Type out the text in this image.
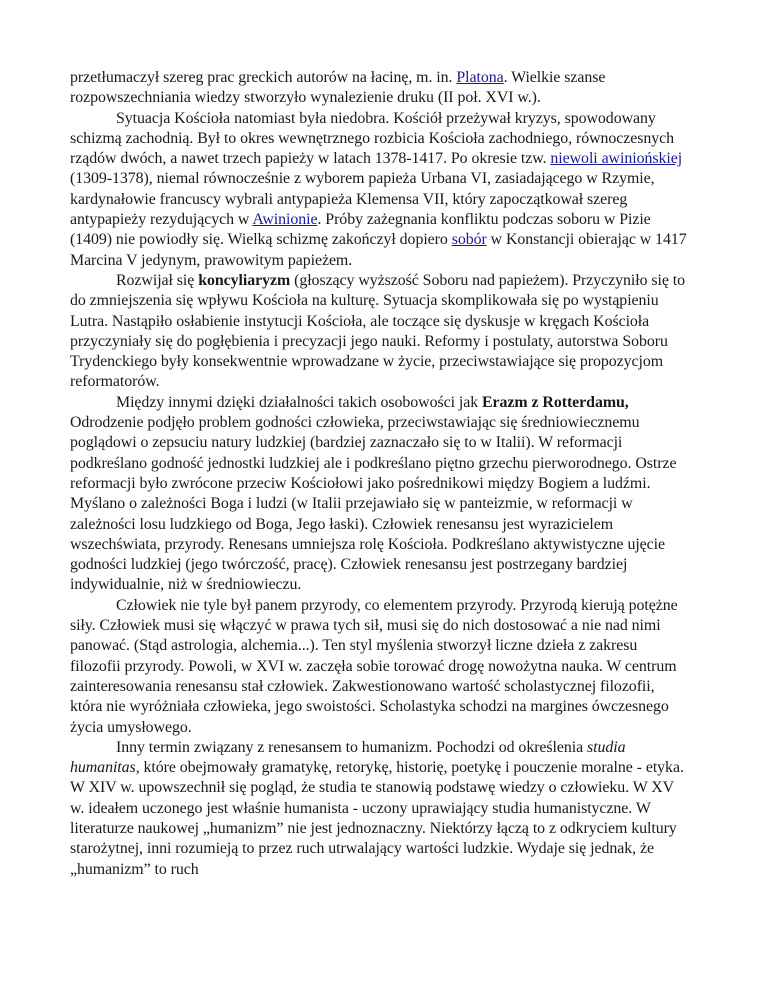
przetłumaczył szereg prac greckich autorów na łacinę, m. in. Platona. Wielkie szanse rozpowszechniania wiedzy stworzyło wynalezienie druku (II poł. XVI w.).

Sytuacja Kościoła natomiast była niedobra. Kościół przeżywał kryzys, spowodowany schizmą zachodnią. Był to okres wewnętrznego rozbicia Kościoła zachodniego, równoczesnych rządów dwóch, a nawet trzech papieży w latach 1378-1417. Po okresie tzw. niewoli awiniońskiej (1309-1378), niemal równocześnie z wyborem papieża Urbana VI, zasiadającego w Rzymie, kardynałowie francuscy wybrali antypapieża Klemensa VII, który zapoczątkował szereg antypapieży rezydujących w Awinionie. Próby zażegnania konfliktu podczas soboru w Pizie (1409) nie powiodły się. Wielką schizmę zakończył dopiero sobór w Konstancji obierając w 1417 Marcina V jedynym, prawowitym papieżem.

Rozwijał się koncyliaryzm (głoszący wyższość Soboru nad papieżem). Przyczyniło się to do zmniejszenia się wpływu Kościoła na kulturę. Sytuacja skomplikowała się po wystąpieniu Lutra. Nastąpiło osłabienie instytucji Kościoła, ale toczące się dyskusje w kręgach Kościoła przyczyniały się do pogłębienia i precyzacji jego nauki. Reformy i postulaty, autorstwa Soboru Trydenckiego były konsekwentnie wprowadzane w życie, przeciwstawiające się propozycjom reformatorów.

Między innymi dzięki działalności takich osobowości jak Erazm z Rotterdamu, Odrodzenie podjęło problem godności człowieka, przeciwstawiając się średniowiecznemu poglądowi o zepsuciu natury ludzkiej (bardziej zaznaczało się to w Italii). W reformacji podkreślano godność jednostki ludzkiej ale i podkreślano piętno grzechu pierworodnego. Ostrze reformacji było zwrócone przeciw Kościołowi jako pośrednikowi między Bogiem a ludźmi. Myślano o zależności Boga i ludzi (w Italii przejawiało się w panteizmie, w reformacji w zależności losu ludzkiego od Boga, Jego łaski). Człowiek renesansu jest wyrazicielem wszechświata, przyrody. Renesans umniejsza rolę Kościoła. Podkreślano aktywistyczne ujęcie godności ludzkiej (jego twórczość, pracę). Człowiek renesansu jest postrzegany bardziej indywidualnie, niż w średniowieczu.

Człowiek nie tyle był panem przyrody, co elementem przyrody. Przyrodą kierują potężne siły. Człowiek musi się włączyć w prawa tych sił, musi się do nich dostosować a nie nad nimi panować. (Stąd astrologia, alchemia...). Ten styl myślenia stworzył liczne dzieła z zakresu filozofii przyrody. Powoli, w XVI w. zaczęła sobie torować drogę nowożytna nauka. W centrum zainteresowania renesansu stał człowiek. Zakwestionowano wartość scholastycznej filozofii, która nie wyróżniała człowieka, jego swoistości. Scholastyka schodzi na margines ówczesnego życia umysłowego.

Inny termin związany z renesansem to humanizm. Pochodzi od określenia studia humanitas, które obejmowały gramatykę, retorykę, historię, poetykę i pouczenie moralne - etyka. W XIV w. upowszechnił się pogląd, że studia te stanowią podstawę wiedzy o człowieku. W XV w. ideałem uczonego jest właśnie humanista - uczony uprawiający studia humanistyczne. W literaturze naukowej „humanizm” nie jest jednoznaczny. Niektórzy łączą to z odkryciem kultury starożytnej, inni rozumieją to przez ruch utrwalający wartości ludzkie. Wydaje się jednak, że „humanizm” to ruch
